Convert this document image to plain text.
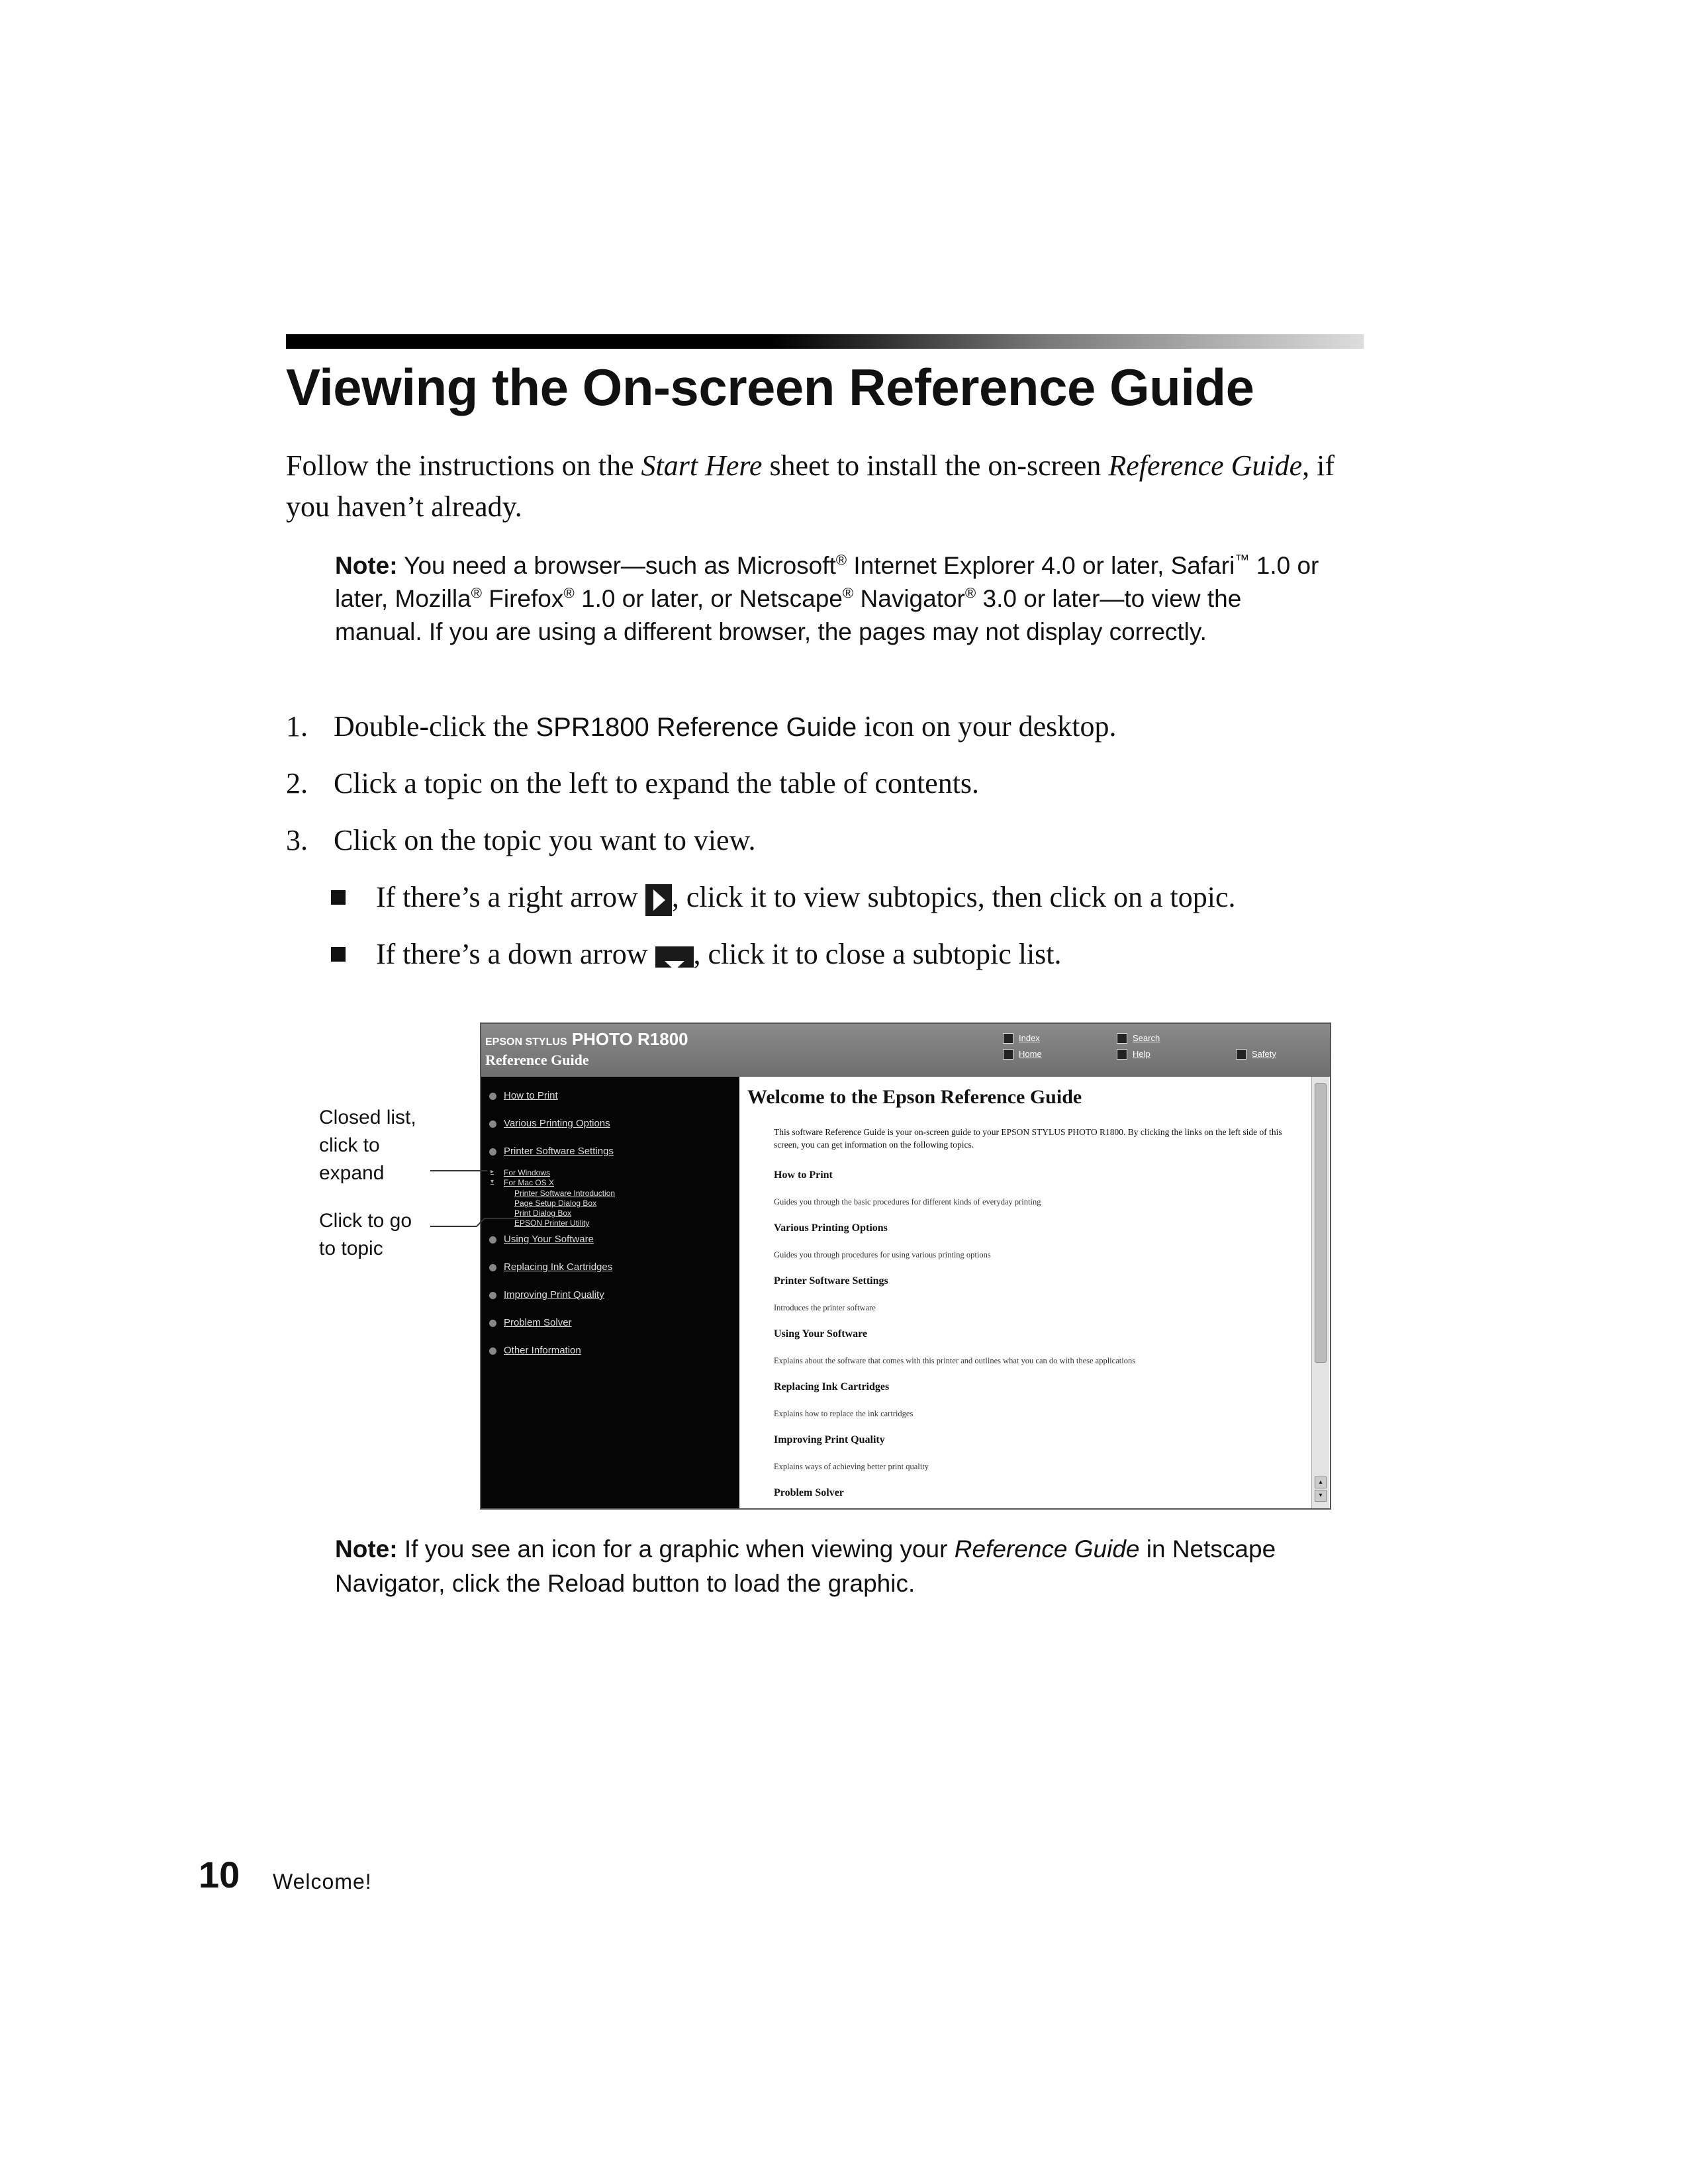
Viewing the On-screen Reference Guide

Follow the instructions on the Start Here sheet to install the on-screen Reference Guide, if you haven’t already.

Note: You need a browser—such as Microsoft® Internet Explorer 4.0 or later, Safari™ 1.0 or later, Mozilla® Firefox® 1.0 or later, or Netscape® Navigator® 3.0 or later—to view the manual. If you are using a different browser, the pages may not display correctly.

1. Double-click the SPR1800 Reference Guide icon on your desktop.
2. Click a topic on the left to expand the table of contents.
3. Click on the topic you want to view.
If there’s a right arrow , click it to view subtopics, then click on a topic.
If there’s a down arrow , click it to close a subtopic list.
EPSON STYLUS PHOTO R1800
Reference Guide
Index	Search
Home	Help	Safety
How to Print
Various Printing Options
Printer Software Settings
▸ For Windows
▾ For Mac OS X
Printer Software Introduction
Page Setup Dialog Box
Print Dialog Box
EPSON Printer Utility
Using Your Software
Replacing Ink Cartridges
Improving Print Quality
Problem Solver
Other Information
Welcome to the Epson Reference Guide
This software Reference Guide is your on-screen guide to your EPSON STYLUS PHOTO R1800. By clicking the links on the left side of this screen, you can get information on the following topics.
How to Print
Guides you through the basic procedures for different kinds of everyday printing
Various Printing Options
Guides you through procedures for using various printing options
Printer Software Settings
Introduces the printer software
Using Your Software
Explains about the software that comes with this printer and outlines what you can do with these applications
Replacing Ink Cartridges
Explains how to replace the ink cartridges
Improving Print Quality
Explains ways of achieving better print quality
Problem Solver
▴
▾
Closed list,
click to
expand
Click to go
to topic

Note: If you see an icon for a graphic when viewing your Reference Guide in Netscape Navigator, click the Reload button to load the graphic.

10 Welcome!
